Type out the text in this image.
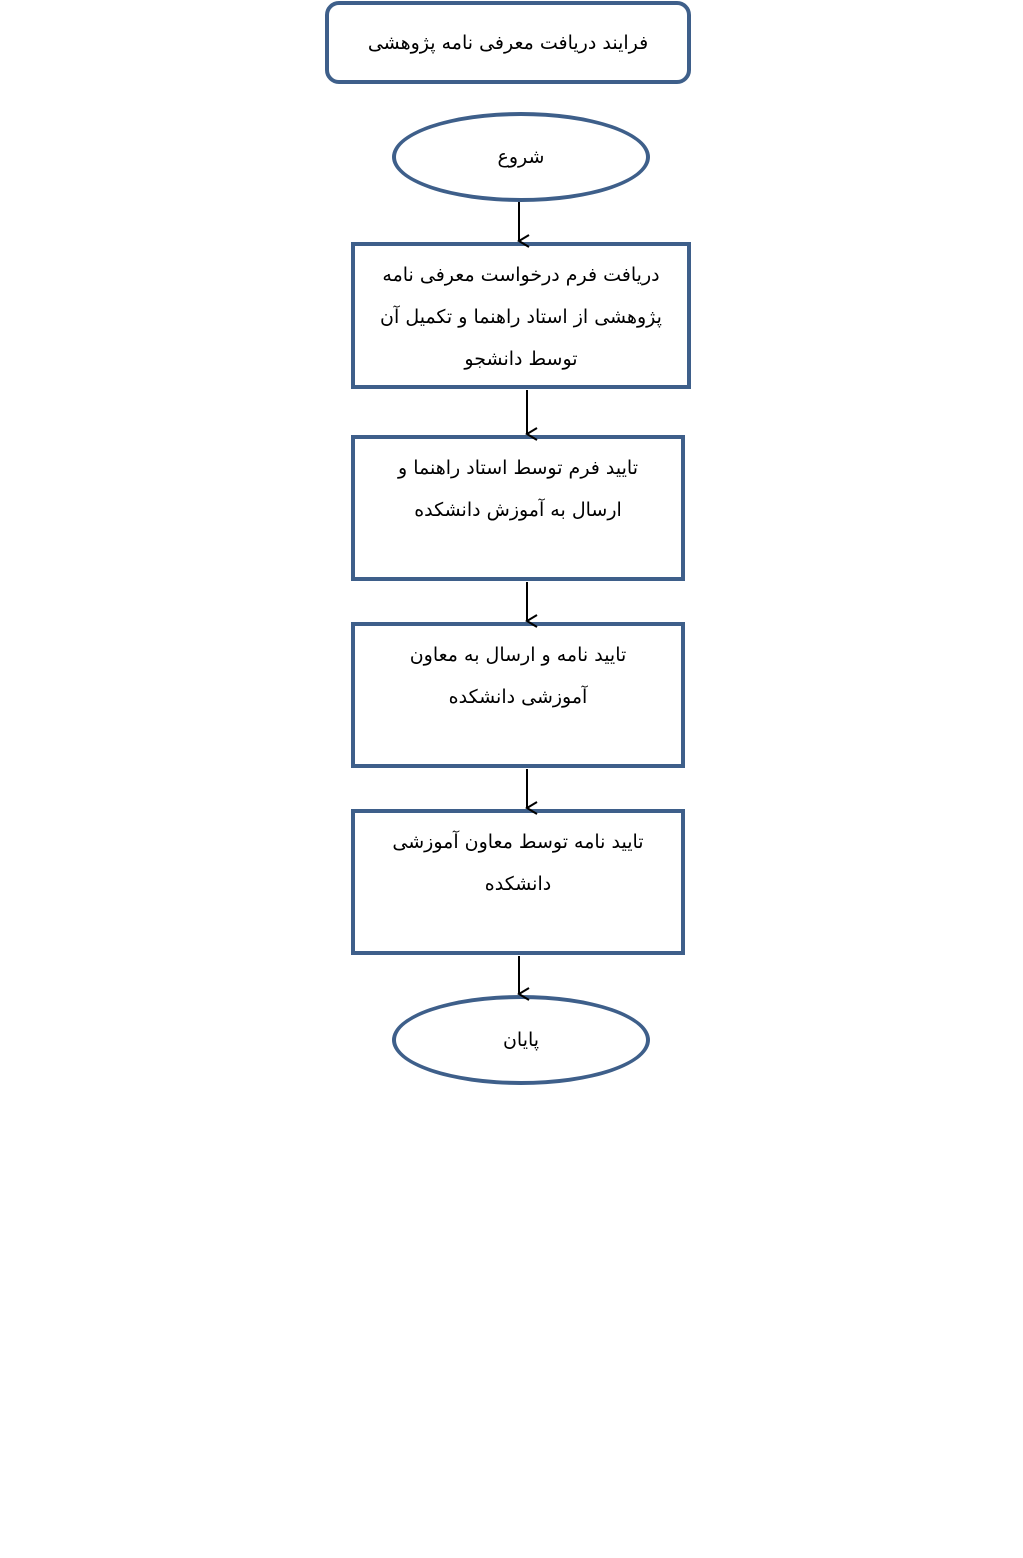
فرایند دریافت معرفی نامه پژوهشی
شروع
دریافت فرم درخواست معرفی نامه پژوهشی از استاد راهنما و تکمیل آن توسط دانشجو
تایید فرم توسط استاد راهنما و ارسال به آموزش دانشکده
تایید نامه و ارسال به معاون آموزشی دانشکده
تایید نامه توسط معاون آموزشی دانشکده
پایان
